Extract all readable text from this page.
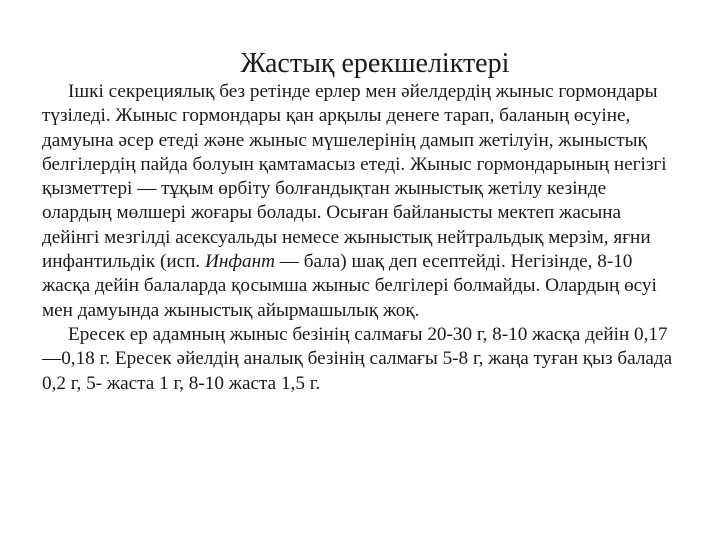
Жастық ерекшеліктері

Ішкі секрециялық без ретінде ерлер мен әйелдердің жыныс гормондары түзіледі. Жыныс гормондары қан арқылы денеге тарап, баланың өсуіне, дамуына әсер етеді және жыныс мүшелерінің дамып жетілуін, жыныстық белгілердің пайда болуын қамтамасыз етеді. Жыныс гормондарының негізгі қызметтері — тұқым өрбіту болғандықтан жыныстық жетілу кезінде олардың мөлшері жоғары болады. Осыған байланысты мектеп жасына дейінгі мезгілді асексуальды немесе жыныстық нейтральдық мерзім, яғни инфантильдік (исп. Инфант — бала) шақ деп есептейді. Негізінде, 8-10 жасқа дейін балаларда қосымша жыныс белгілері болмайды. Олардың өсуі мен дамуында жыныстық айырмашылық жоқ.

Ересек ер адамның жыныс безінің салмағы 20-30 г, 8-10 жасқа дейін 0,17 —0,18 г. Ересек әйелдің аналық безінің салмағы 5-8 г, жаңа туған қыз балада 0,2 г, 5- жаста 1 г, 8-10 жаста 1,5 г.
